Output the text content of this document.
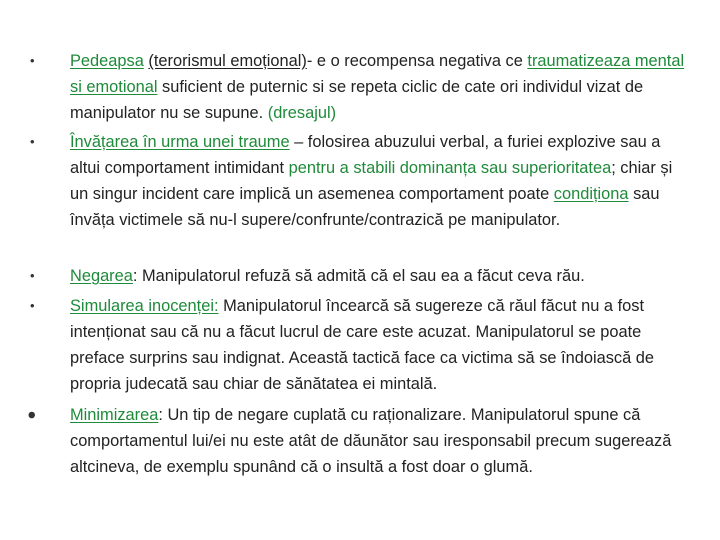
• Pedeapsa (terorismul emoțional)- e o recompensa negativa ce traumatizeaza mental si emotional suficient de puternic si se repeta ciclic de cate ori individul vizat de manipulator nu se supune. (dresajul)
• Învățarea în urma unei traume – folosirea abuzului verbal, a furiei explozive sau a altui comportament intimidant pentru a stabili dominanța sau superioritatea; chiar și un singur incident care implică un asemenea comportament poate condiționa sau învăța victimele să nu-l supere/confrunte/contrazică pe manipulator.
• Negarea: Manipulatorul refuză să admită că el sau ea a făcut ceva rău.
• Simularea inocenței: Manipulatorul încearcă să sugereze că răul făcut nu a fost intenționat sau că nu a făcut lucrul de care este acuzat. Manipulatorul se poate preface surprins sau indignat. Această tactică face ca victima să se îndoiască de propria judecată sau chiar de sănătatea ei mintală.
⦁ Minimizarea: Un tip de negare cuplată cu raționalizare. Manipulatorul spune că comportamentul lui/ei nu este atât de dăunător sau iresponsabil precum sugerează altcineva, de exemplu spunând că o insultă a fost doar o glumă.
